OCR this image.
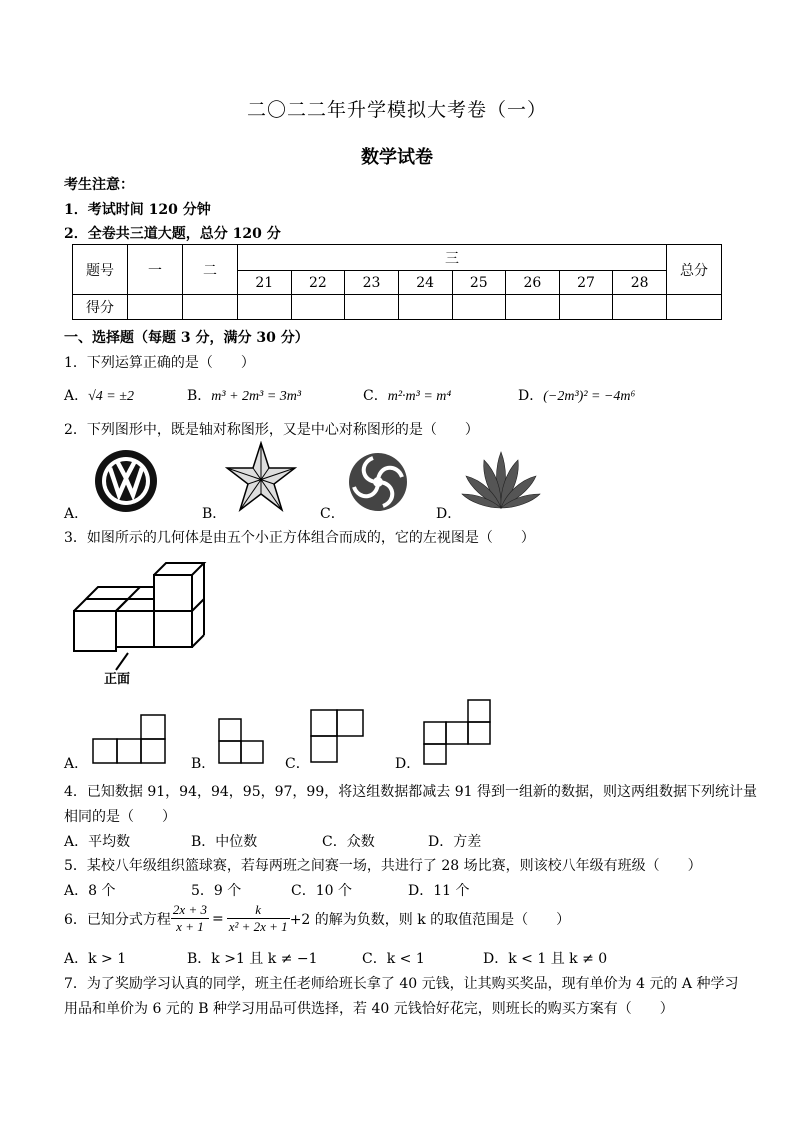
二〇二二年升学模拟大考卷（一）
数学试卷
考生注意：
1．考试时间 120 分钟
2．全卷共三道大题，总分 120 分
题号	一	二	三								总分
			21	22	23	24	25	26	27	28	
得分											
一、选择题（每题 3 分，满分 30 分）
1．下列运算正确的是（　　）
A．√4 = ±2	B．m³ + 2m³ = 3m³	C．m²·m³ = m⁴	D．(−2m³)² = −4m⁶
2．下列图形中，既是轴对称图形，又是中心对称图形的是（　　）
A．	B．	C．	D．
3．如图所示的几何体是由五个小正方体组合而成的，它的左视图是（　　）
正面
A．	B．	C．	D．
4．已知数据 91，94，94，95，97，99，将这组数据都减去 91 得到一组新的数据，则这两组数据下列统计量
相同的是（　　）
A．平均数	B．中位数	C．众数	D．方差
5．某校八年级组织篮球赛，若每两班之间赛一场，共进行了 28 场比赛，则该校八年级有班级（　　）
A．8 个	5．9 个	C．10 个	D．11 个
6．已知分式方程 $\frac{2x + 3}{x + 1} = \frac{k}{\text{x² + 2x + 1}} +2$ 的解为负数，则 k 的取值范围是（　　）
A．k > 1	B．k >1 且 k ≠ −1	C．k < 1	D．k < 1 且 k ≠ 0
7．为了奖励学习认真的同学，班主任老师给班长拿了 40 元钱，让其购买奖品，现有单价为 4 元的 A 种学习
用品和单价为 6 元的 B 种学习用品可供选择，若 40 元钱恰好花完，则班长的购买方案有（　　）
